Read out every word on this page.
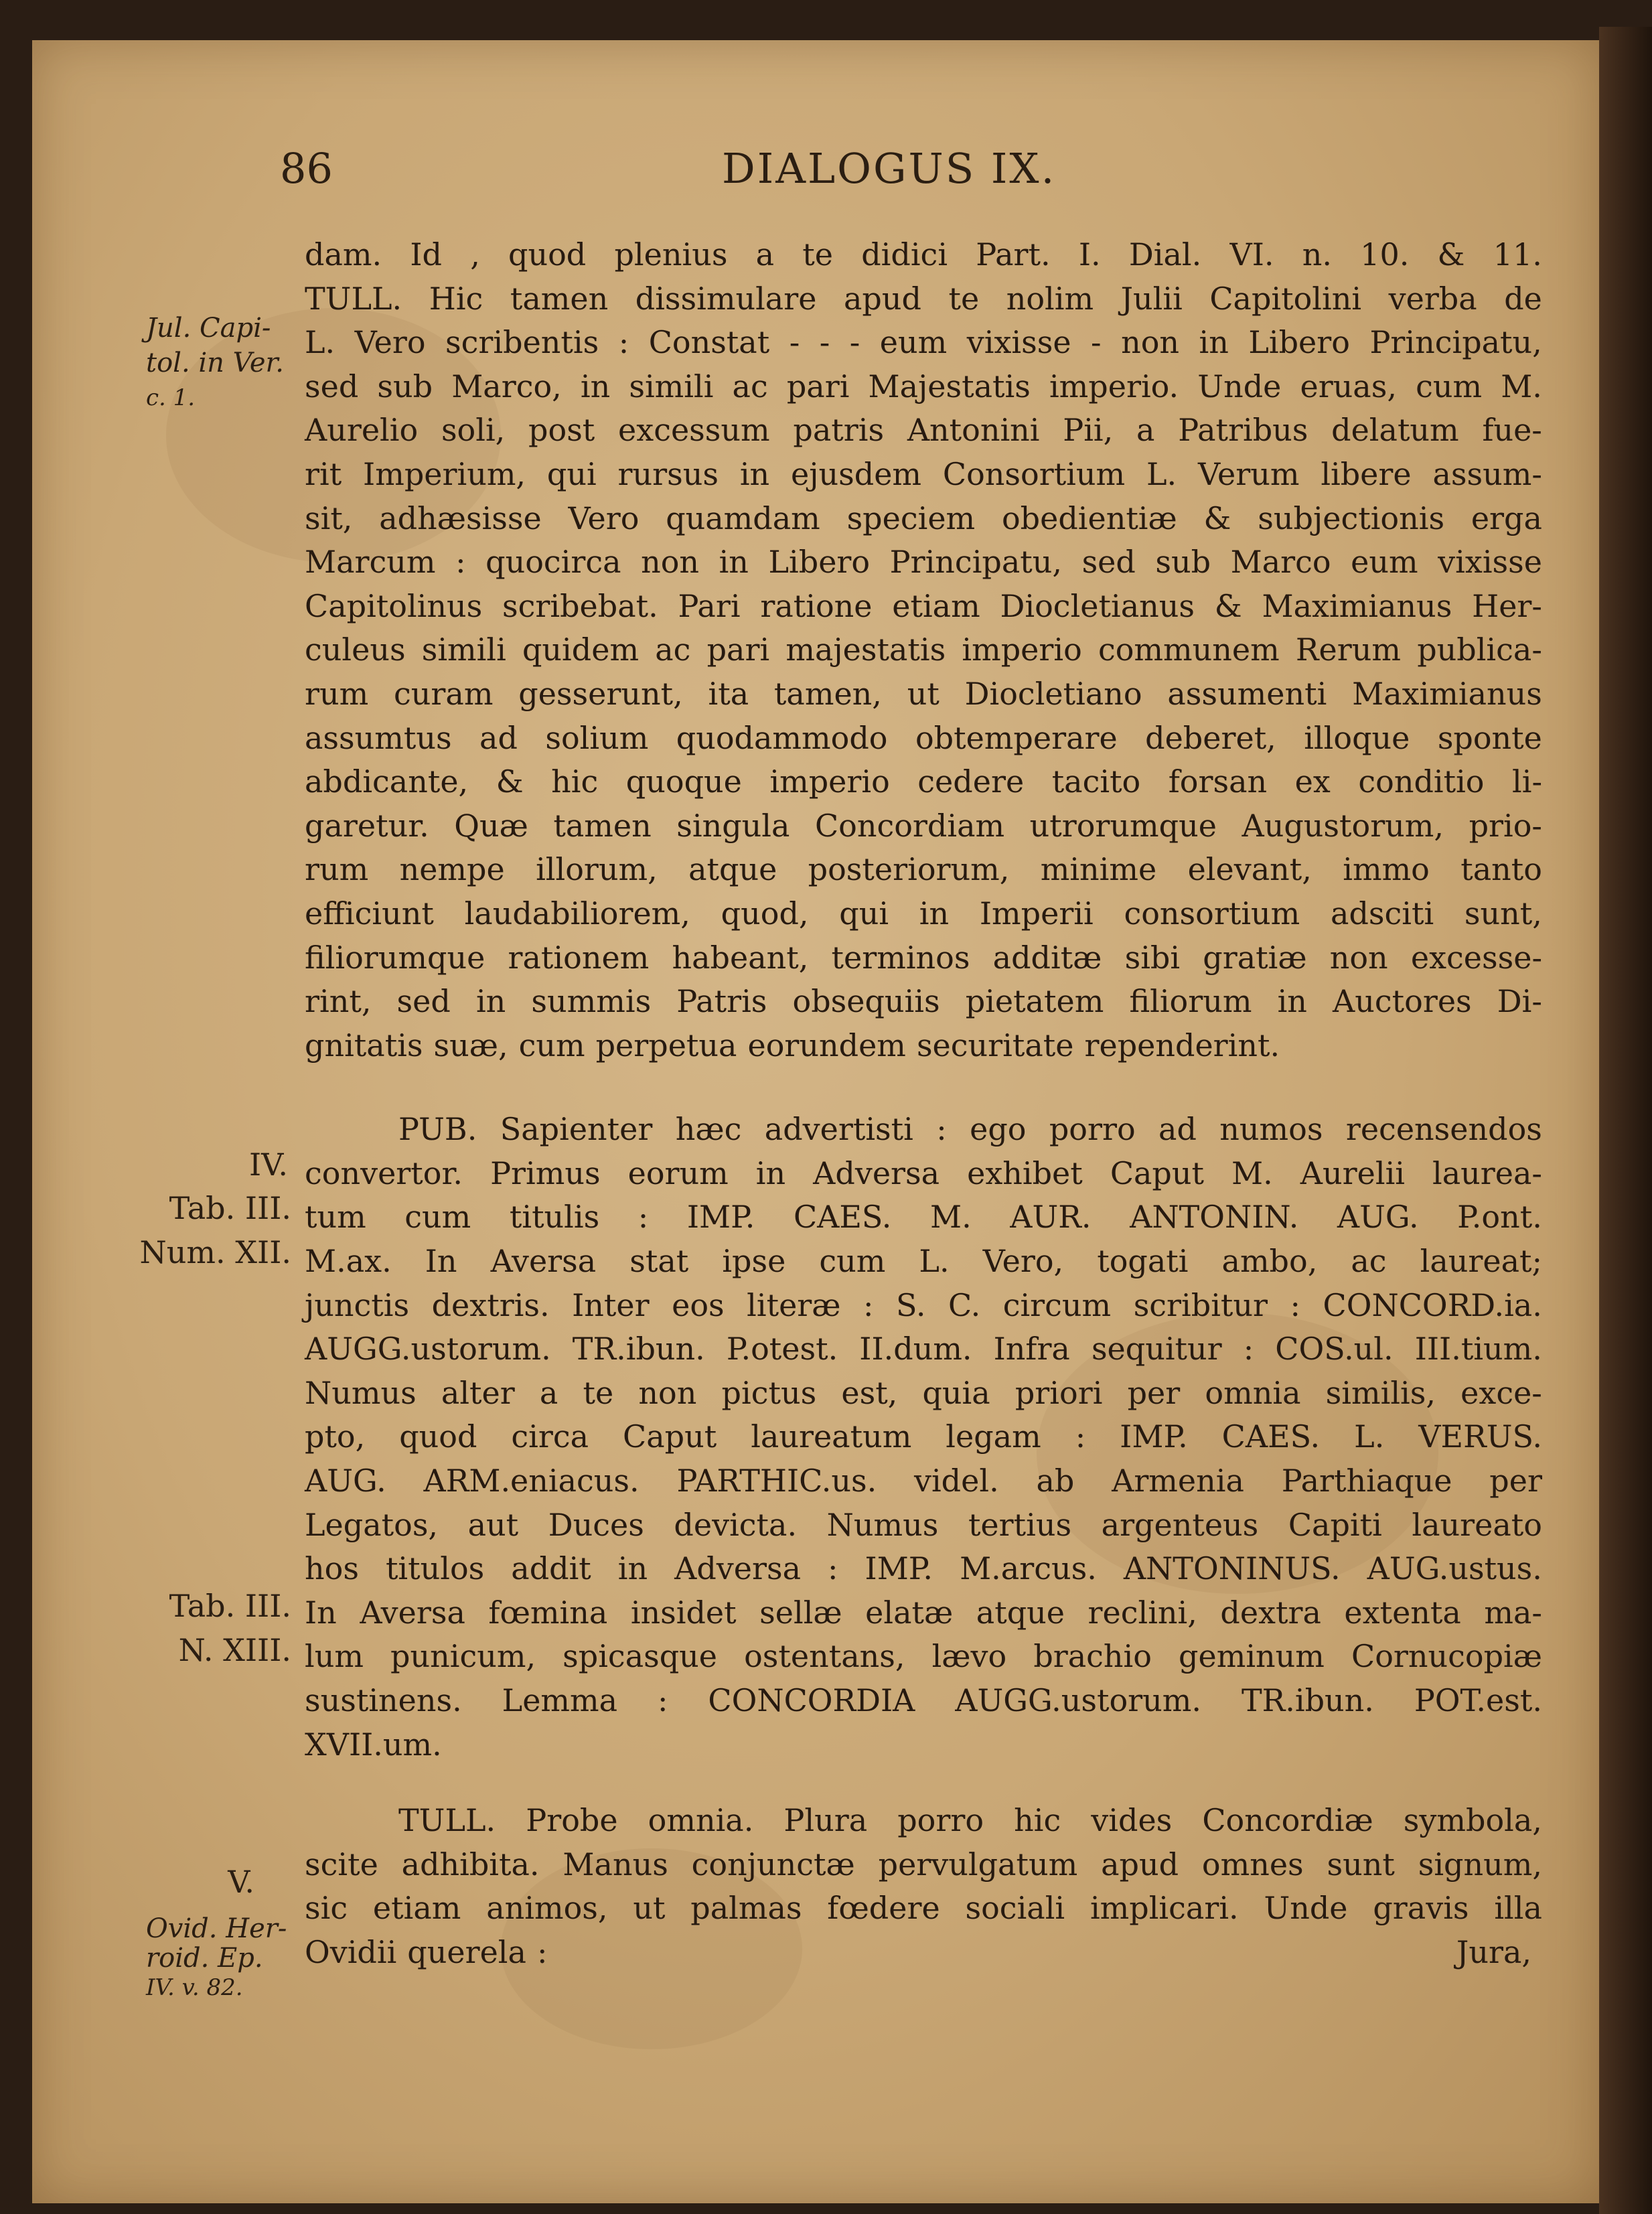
86	DIALOGUS IX.
Jul. Capi-
tol. in Ver.
c. 1.
IV.
Tab. III.
Num. XII.
Tab. III.
N. XIII.
V.
Ovid. Her-
roid. Ep.
IV. v. 82.
dam. Id , quod plenius a te didici Part. I. Dial. VI. n. 10. & 11.
TULL. Hic tamen dissimulare apud te nolim Julii Capitolini verba de
L. Vero scribentis : Constat - - - eum vixisse - non in Libero Principatu,
sed sub Marco, in simili ac pari Majestatis imperio. Unde eruas, cum M.
Aurelio soli, post excessum patris Antonini Pii, a Patribus delatum fue-
rit Imperium, qui rursus in ejusdem Consortium L. Verum libere assum-
sit, adhæsisse Vero quamdam speciem obedientiæ & subjectionis erga
Marcum : quocirca non in Libero Principatu, sed sub Marco eum vixisse
Capitolinus scribebat. Pari ratione etiam Diocletianus & Maximianus Her-
culeus simili quidem ac pari majestatis imperio communem Rerum publica-
rum curam gesserunt, ita tamen, ut Diocletiano assumenti Maximianus
assumtus ad solium quodammodo obtemperare deberet, illoque sponte
abdicante, & hic quoque imperio cedere tacito forsan ex conditio li-
garetur. Quæ tamen singula Concordiam utrorumque Augustorum, prio-
rum nempe illorum, atque posteriorum, minime elevant, immo tanto
efficiunt laudabiliorem, quod, qui in Imperii consortium adsciti sunt,
filiorumque rationem habeant, terminos additæ sibi gratiæ non excesse-
rint, sed in summis Patris obsequiis pietatem filiorum in Auctores Di-
gnitatis suæ, cum perpetua eorundem securitate rependerint.
PUB. Sapienter hæc advertisti : ego porro ad numos recensendos
convertor. Primus eorum in Adversa exhibet Caput M. Aurelii laurea-
tum cum titulis : IMP. CAES. M. AUR. ANTONIN. AUG. P.ont.
M.ax. In Aversa stat ipse cum L. Vero, togati ambo, ac laureat;
junctis dextris. Inter eos literæ : S. C. circum scribitur : CONCORD.ia.
AUGG.ustorum. TR.ibun. P.otest. II.dum. Infra sequitur : COS.ul. III.tium.
Numus alter a te non pictus est, quia priori per omnia similis, exce-
pto, quod circa Caput laureatum legam : IMP. CAES. L. VERUS.
AUG. ARM.eniacus. PARTHIC.us. videl. ab Armenia Parthiaque per
Legatos, aut Duces devicta. Numus tertius argenteus Capiti laureato
hos titulos addit in Adversa : IMP. M.arcus. ANTONINUS. AUG.ustus.
In Aversa fœmina insidet sellæ elatæ atque reclini, dextra extenta ma-
lum punicum, spicasque ostentans, lævo brachio geminum Cornucopiæ
sustinens. Lemma : CONCORDIA AUGG.ustorum. TR.ibun. POT.est.
XVII.um.
TULL. Probe omnia. Plura porro hic vides Concordiæ symbola,
scite adhibita. Manus conjunctæ pervulgatum apud omnes sunt signum,
sic etiam animos, ut palmas fœdere sociali implicari. Unde gravis illa
Ovidii querela :	Jura,
